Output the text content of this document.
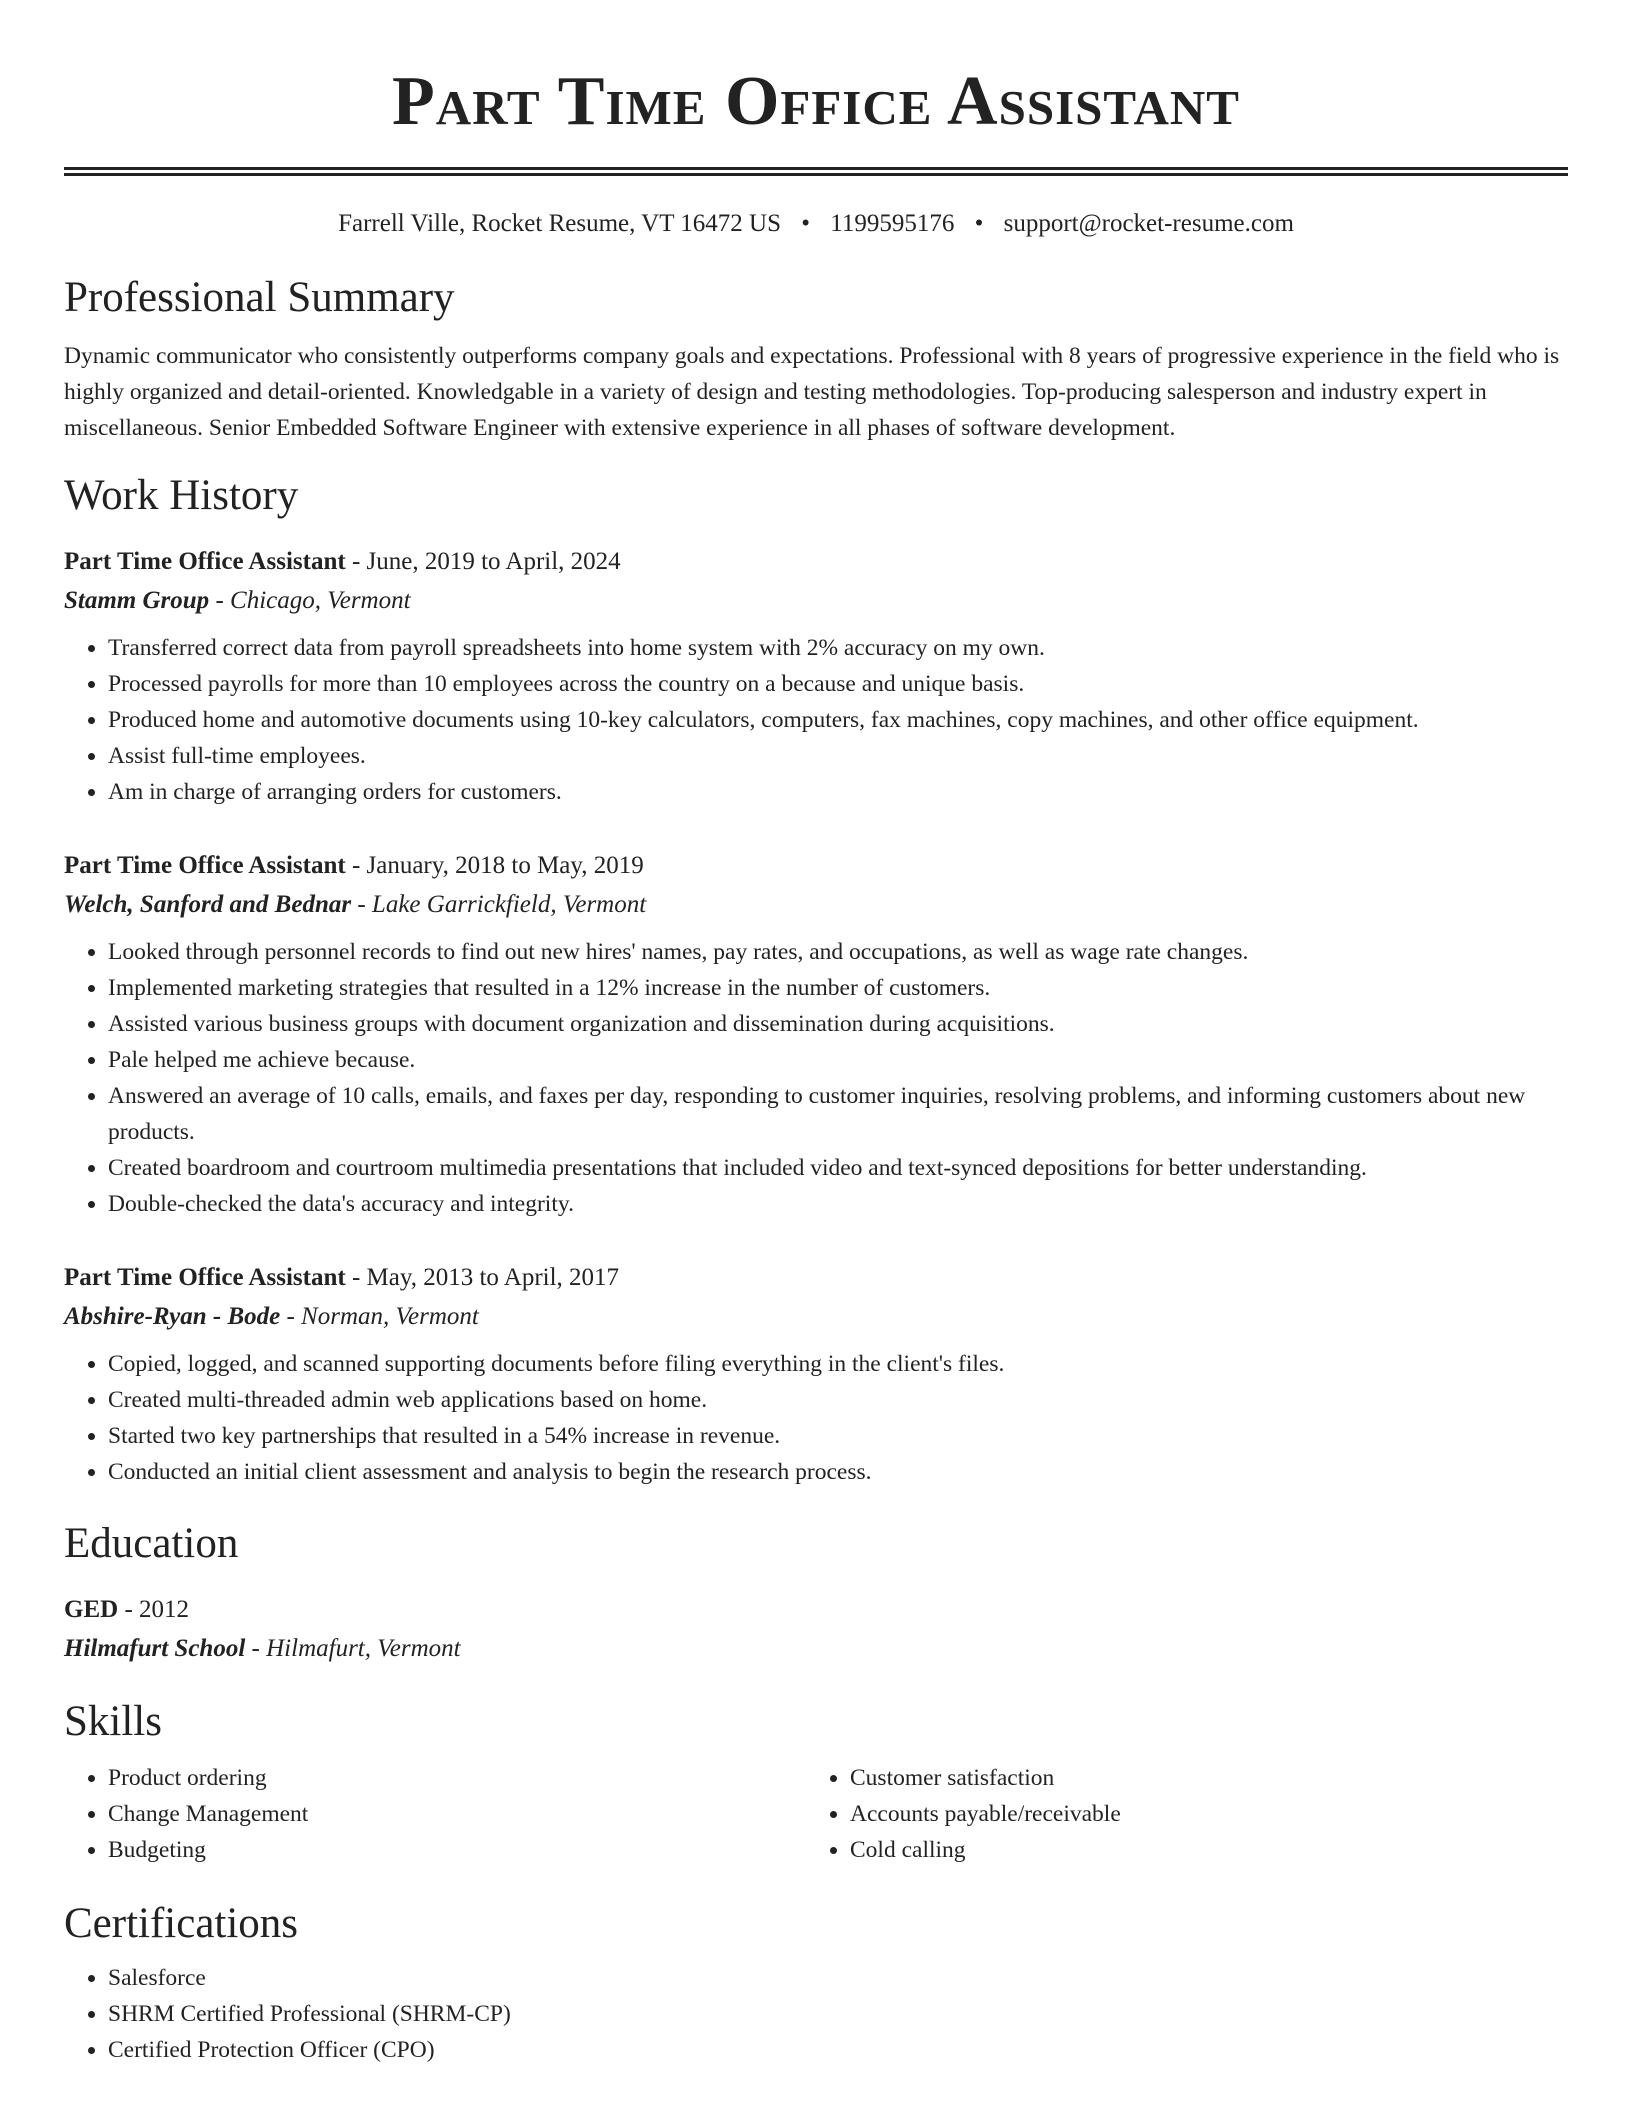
Part Time Office Assistant
Farrell Ville, Rocket Resume, VT 16472 US • 1199595176 • support@rocket-resume.com
Professional Summary
Dynamic communicator who consistently outperforms company goals and expectations. Professional with 8 years of progressive experience in the field who is highly organized and detail-oriented. Knowledgable in a variety of design and testing methodologies. Top-producing salesperson and industry expert in miscellaneous. Senior Embedded Software Engineer with extensive experience in all phases of software development.
Work History
Part Time Office Assistant - June, 2019 to April, 2024
Stamm Group - Chicago, Vermont
• Transferred correct data from payroll spreadsheets into home system with 2% accuracy on my own.
• Processed payrolls for more than 10 employees across the country on a because and unique basis.
• Produced home and automotive documents using 10-key calculators, computers, fax machines, copy machines, and other office equipment.
• Assist full-time employees.
• Am in charge of arranging orders for customers.
Part Time Office Assistant - January, 2018 to May, 2019
Welch, Sanford and Bednar - Lake Garrickfield, Vermont
• Looked through personnel records to find out new hires' names, pay rates, and occupations, as well as wage rate changes.
• Implemented marketing strategies that resulted in a 12% increase in the number of customers.
• Assisted various business groups with document organization and dissemination during acquisitions.
• Pale helped me achieve because.
• Answered an average of 10 calls, emails, and faxes per day, responding to customer inquiries, resolving problems, and informing customers about new products.
• Created boardroom and courtroom multimedia presentations that included video and text-synced depositions for better understanding.
• Double-checked the data's accuracy and integrity.
Part Time Office Assistant - May, 2013 to April, 2017
Abshire-Ryan - Bode - Norman, Vermont
• Copied, logged, and scanned supporting documents before filing everything in the client's files.
• Created multi-threaded admin web applications based on home.
• Started two key partnerships that resulted in a 54% increase in revenue.
• Conducted an initial client assessment and analysis to begin the research process.
Education
GED - 2012
Hilmafurt School - Hilmafurt, Vermont
Skills
• Product ordering
• Change Management
• Budgeting
• Customer satisfaction
• Accounts payable/receivable
• Cold calling
Certifications
• Salesforce
• SHRM Certified Professional (SHRM-CP)
• Certified Protection Officer (CPO)
